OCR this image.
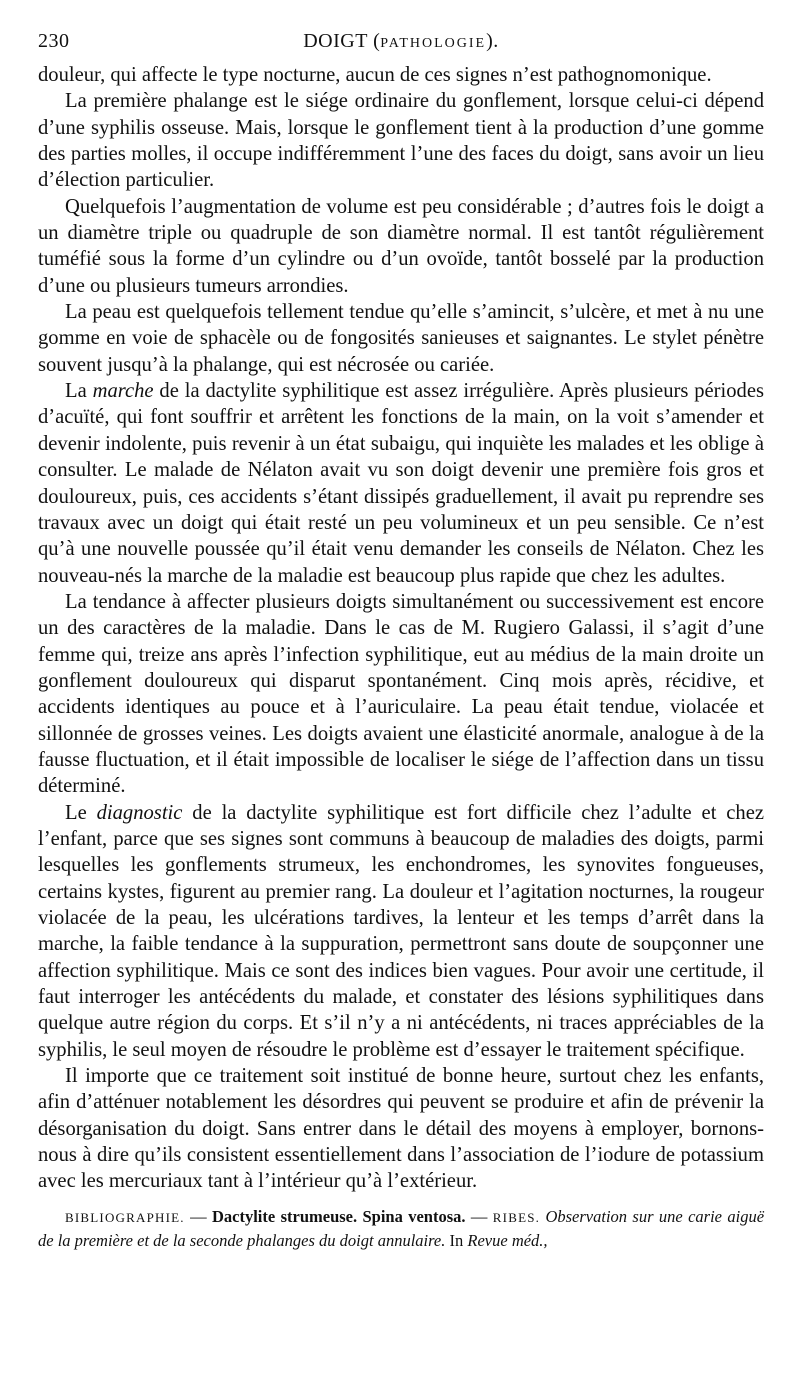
230	DOIGT (PATHOLOGIE).

douleur, qui affecte le type nocturne, aucun de ces signes n’est pathognomonique.

La première phalange est le siége ordinaire du gonflement, lorsque celui-ci dépend d’une syphilis osseuse. Mais, lorsque le gonflement tient à la production d’une gomme des parties molles, il occupe indifféremment l’une des faces du doigt, sans avoir un lieu d’élection particulier.

Quelquefois l’augmentation de volume est peu considérable ; d’autres fois le doigt a un diamètre triple ou quadruple de son diamètre normal. Il est tantôt régulièrement tuméfié sous la forme d’un cylindre ou d’un ovoïde, tantôt bosselé par la production d’une ou plusieurs tumeurs arrondies.

La peau est quelquefois tellement tendue qu’elle s’amincit, s’ulcère, et met à nu une gomme en voie de sphacèle ou de fongosités sanieuses et saignantes. Le stylet pénètre souvent jusqu’à la phalange, qui est nécrosée ou cariée.

La marche de la dactylite syphilitique est assez irrégulière. Après plusieurs périodes d’acuïté, qui font souffrir et arrêtent les fonctions de la main, on la voit s’amender et devenir indolente, puis revenir à un état subaigu, qui inquiète les malades et les oblige à consulter. Le malade de Nélaton avait vu son doigt devenir une première fois gros et douloureux, puis, ces accidents s’étant dissipés graduellement, il avait pu reprendre ses travaux avec un doigt qui était resté un peu volumineux et un peu sensible. Ce n’est qu’à une nouvelle poussée qu’il était venu demander les conseils de Nélaton. Chez les nouveau-nés la marche de la maladie est beaucoup plus rapide que chez les adultes.

La tendance à affecter plusieurs doigts simultanément ou successivement est encore un des caractères de la maladie. Dans le cas de M. Rugiero Galassi, il s’agit d’une femme qui, treize ans après l’infection syphilitique, eut au médius de la main droite un gonflement douloureux qui disparut spontanément. Cinq mois après, récidive, et accidents identiques au pouce et à l’auriculaire. La peau était tendue, violacée et sillonnée de grosses veines. Les doigts avaient une élasticité anormale, analogue à de la fausse fluctuation, et il était impossible de localiser le siége de l’affection dans un tissu déterminé.

Le diagnostic de la dactylite syphilitique est fort difficile chez l’adulte et chez l’enfant, parce que ses signes sont communs à beaucoup de maladies des doigts, parmi lesquelles les gonflements strumeux, les enchondromes, les synovites fongueuses, certains kystes, figurent au premier rang. La douleur et l’agitation nocturnes, la rougeur violacée de la peau, les ulcérations tardives, la lenteur et les temps d’arrêt dans la marche, la faible tendance à la suppuration, permettront sans doute de soupçonner une affection syphilitique. Mais ce sont des indices bien vagues. Pour avoir une certitude, il faut interroger les antécédents du malade, et constater des lésions syphilitiques dans quelque autre région du corps. Et s’il n’y a ni antécédents, ni traces appréciables de la syphilis, le seul moyen de résoudre le problème est d’essayer le traitement spécifique.

Il importe que ce traitement soit institué de bonne heure, surtout chez les enfants, afin d’atténuer notablement les désordres qui peuvent se produire et afin de prévenir la désorganisation du doigt. Sans entrer dans le détail des moyens à employer, bornons-nous à dire qu’ils consistent essentiellement dans l’association de l’iodure de potassium avec les mercuriaux tant à l’intérieur qu’à l’extérieur.

BIBLIOGRAPHIE. — Dactylite strumeuse. Spina ventosa. — RIBES. Observation sur une carie aiguë de la première et de la seconde phalanges du doigt annulaire. In Revue méd.,
